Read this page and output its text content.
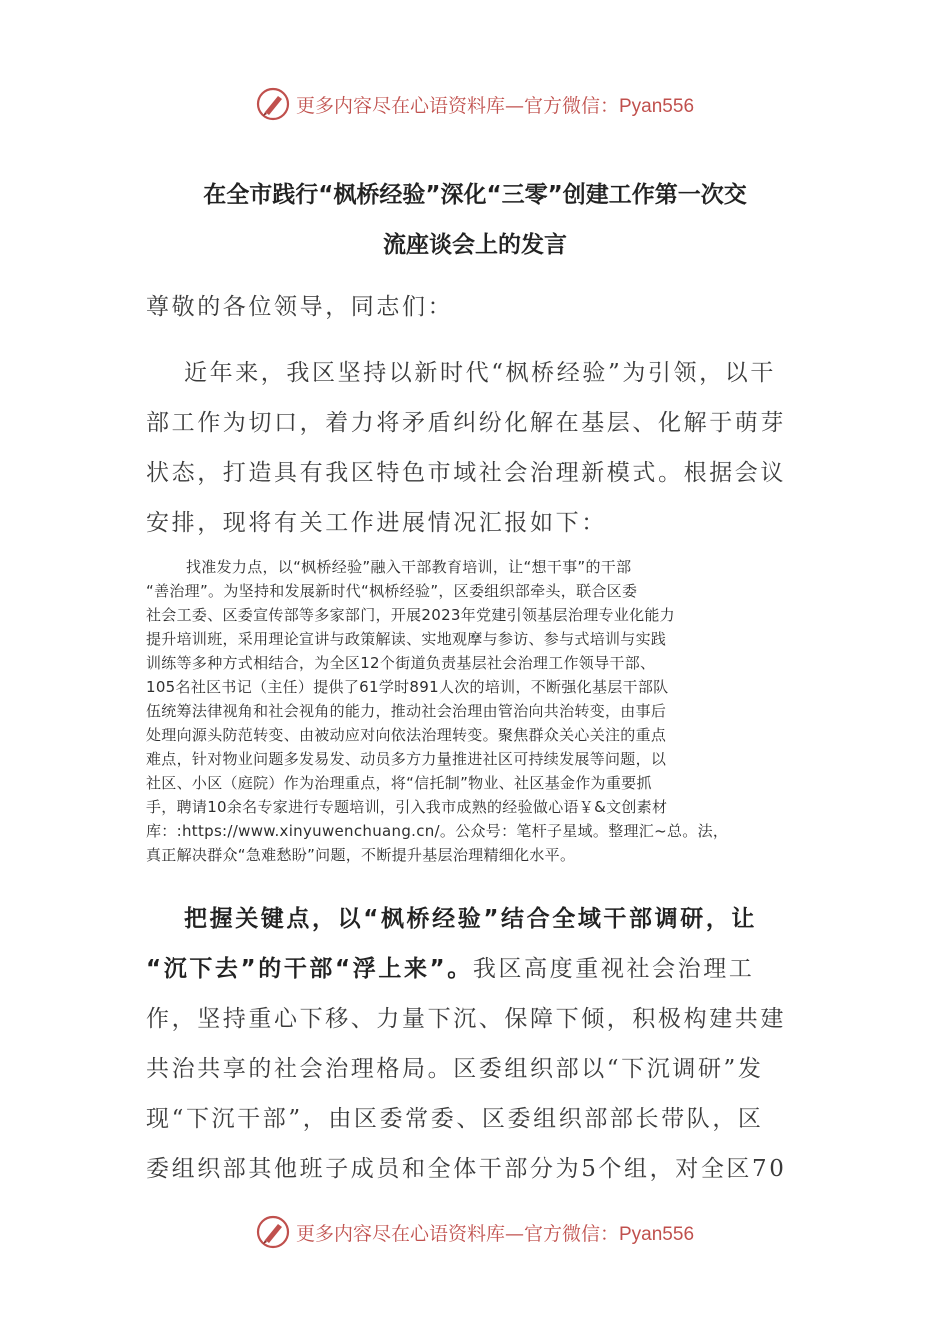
更多内容尽在心语资料库—官方微信：Pyan556
在全市践行“枫桥经验”深化“三零”创建工作第一次交
流座谈会上的发言
尊敬的各位领导，同志们：
近年来，我区坚持以新时代“枫桥经验”为引领，以干
部工作为切口，着力将矛盾纠纷化解在基层、化解于萌芽
状态，打造具有我区特色市域社会治理新模式。根据会议
安排，现将有关工作进展情况汇报如下：
找准发力点，以“枫桥经验”融入干部教育培训，让“想干事”的干部
“善治理”。为坚持和发展新时代“枫桥经验”，区委组织部牵头，联合区委
社会工委、区委宣传部等多家部门，开展2023年党建引领基层治理专业化能力
提升培训班，采用理论宣讲与政策解读、实地观摩与参访、参与式培训与实践
训练等多种方式相结合，为全区12个街道负责基层社会治理工作领导干部、
105名社区书记（主任）提供了61学时891人次的培训，不断强化基层干部队
伍统筹法律视角和社会视角的能力，推动社会治理由管治向共治转变，由事后
处理向源头防范转变、由被动应对向依法治理转变。聚焦群众关心关注的重点
难点，针对物业问题多发易发、动员多方力量推进社区可持续发展等问题，以
社区、小区（庭院）作为治理重点，将“信托制”物业、社区基金作为重要抓
手，聘请10余名专家进行专题培训，引入我市成熟的经验做心语￥&文创素材
库：:https://www.xinyuwenchuang.cn/。公众号：笔杆子星域。整理汇~总。法，
真正解决群众“急难愁盼”问题，不断提升基层治理精细化水平。
把握关键点，以“枫桥经验”结合全域干部调研，让
“沉下去”的干部“浮上来”。我区高度重视社会治理工
作，坚持重心下移、力量下沉、保障下倾，积极构建共建
共治共享的社会治理格局。区委组织部以“下沉调研”发
现“下沉干部”，由区委常委、区委组织部部长带队，区
委组织部其他班子成员和全体干部分为5个组，对全区70
更多内容尽在心语资料库—官方微信：Pyan556
